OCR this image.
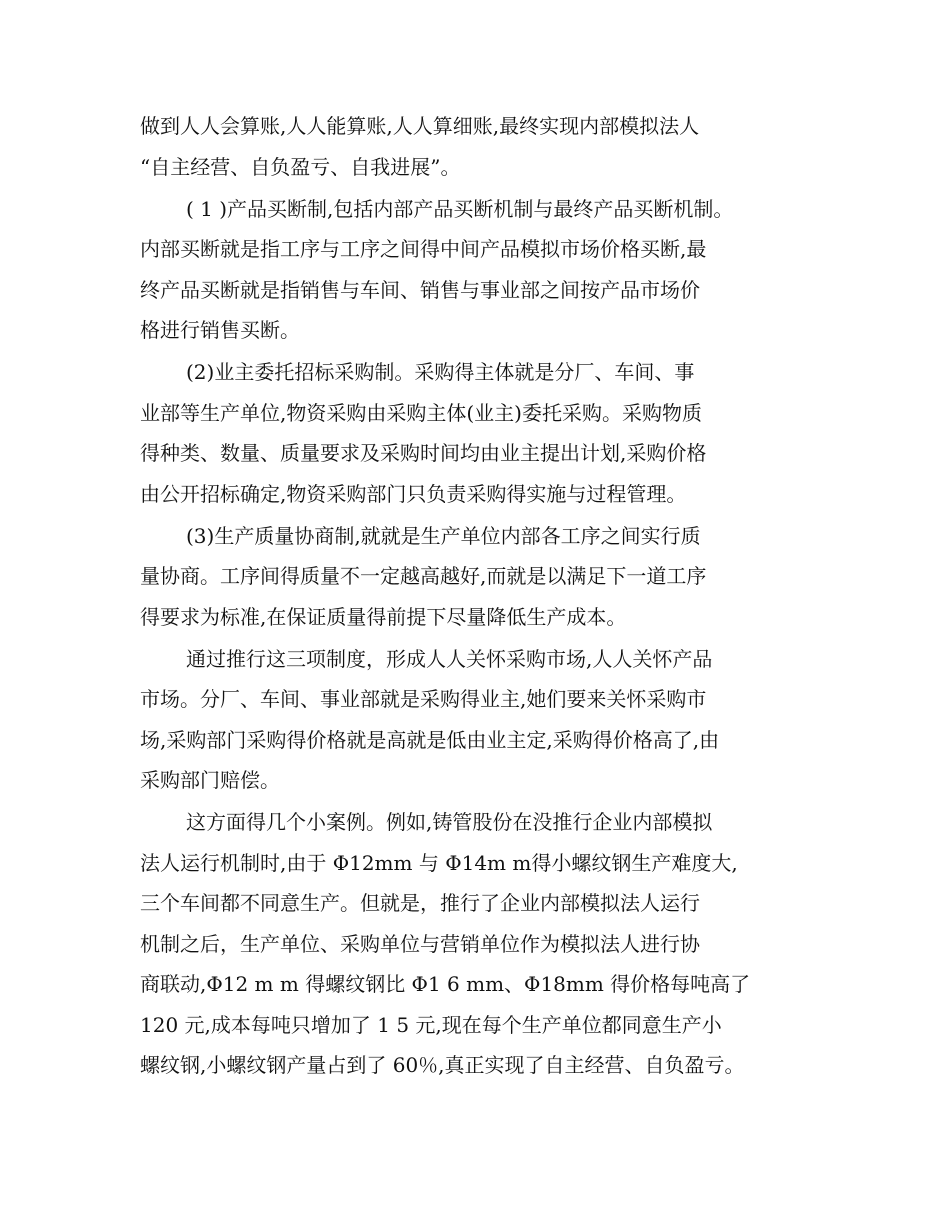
做到人人会算账,人人能算账,人人算细账,最终实现内部模拟法人
“自主经营、自负盈亏、自我进展”。
( 1 )产品买断制,包括内部产品买断机制与最终产品买断机制。
内部买断就是指工序与工序之间得中间产品模拟市场价格买断,最
终产品买断就是指销售与车间、销售与事业部之间按产品市场价
格进行销售买断。
(2)业主委托招标采购制。采购得主体就是分厂、车间、事
业部等生产单位,物资采购由采购主体(业主)委托采购。采购物质
得种类、数量、质量要求及采购时间均由业主提出计划,采购价格
由公开招标确定,物资采购部门只负责采购得实施与过程管理。
(3)生产质量协商制,就就是生产单位内部各工序之间实行质
量协商。工序间得质量不一定越高越好,而就是以满足下一道工序
得要求为标准,在保证质量得前提下尽量降低生产成本。
通过推行这三项制度，形成人人关怀采购市场,人人关怀产品
市场。分厂、车间、事业部就是采购得业主,她们要来关怀采购市
场,采购部门采购得价格就是高就是低由业主定,采购得价格高了,由
采购部门赔偿。
这方面得几个小案例。例如,铸管股份在没推行企业内部模拟
法人运行机制时,由于 Φ12mm 与 Φ14m m得小螺纹钢生产难度大,
三个车间都不同意生产。但就是，推行了企业内部模拟法人运行
机制之后，生产单位、采购单位与营销单位作为模拟法人进行协
商联动,Φ12 m m 得螺纹钢比 Φ1 6 mm、Φ18mm 得价格每吨高了
120 元,成本每吨只增加了 1 5 元,现在每个生产单位都同意生产小
螺纹钢,小螺纹钢产量占到了 60％,真正实现了自主经营、自负盈亏。
